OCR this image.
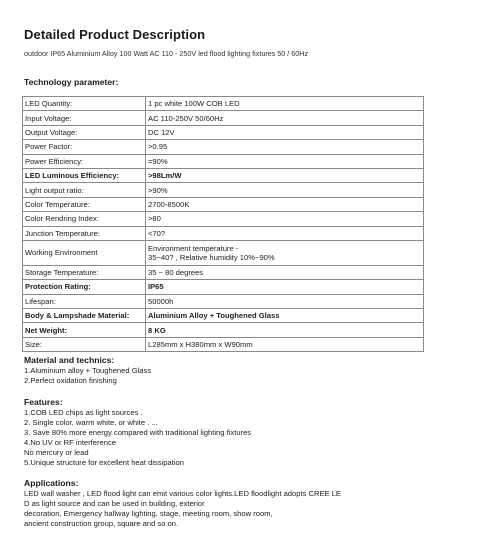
Detailed Product Description
outdoor IP65 Aluminium Alloy 100 Watt AC 110 - 250V led flood lighting fixtures 50 / 60Hz
Technology parameter:
LED Quantity:	1 pc white 100W COB LED
Input Voltage:	AC 110-250V 50/60Hz
Output Voltage:	DC 12V
Power Factor:	>0.95
Power Efficiency:	=90%
LED Luminous Efficiency:	>98Lm/W
Light output ratio:	>90%
Color Temperature:	2700-8500K
Color Rendring Index:	>80
Junction Temperature:	<70?
Working Environment	Environment temperature -
35~40? , Relative humidity 10%~90%

Storage Temperature:	35 ~ 80 degrees
Protection Rating:	IP65
Lifespan:	50000h
Body & Lampshade Material:	Aluminium Alloy + Toughened Glass
Net Weight:	8 KG
Size:	L285mm x H380mm x W90mm
Material and technics:
1.Aluminium alloy + Toughened Glass
2.Perfect oxidation finishing
Features:
1.COB LED chips as light sources .
2. Single color, warm white, or white . ...
3. Save 80% more energy compared with traditional lighting fixtures
4.No UV or RF interference
No mercury or lead
5.Unique structure for excellent heat dissipation
Applications:
LED wall washer , LED flood light can emit various color lights.LED floodlight adopts CREE LE
D as light source and can be used in building, exterior
decoration, Emergency hallway lighting, stage, meeting room, show room,
ancient construction group, square and so on.
